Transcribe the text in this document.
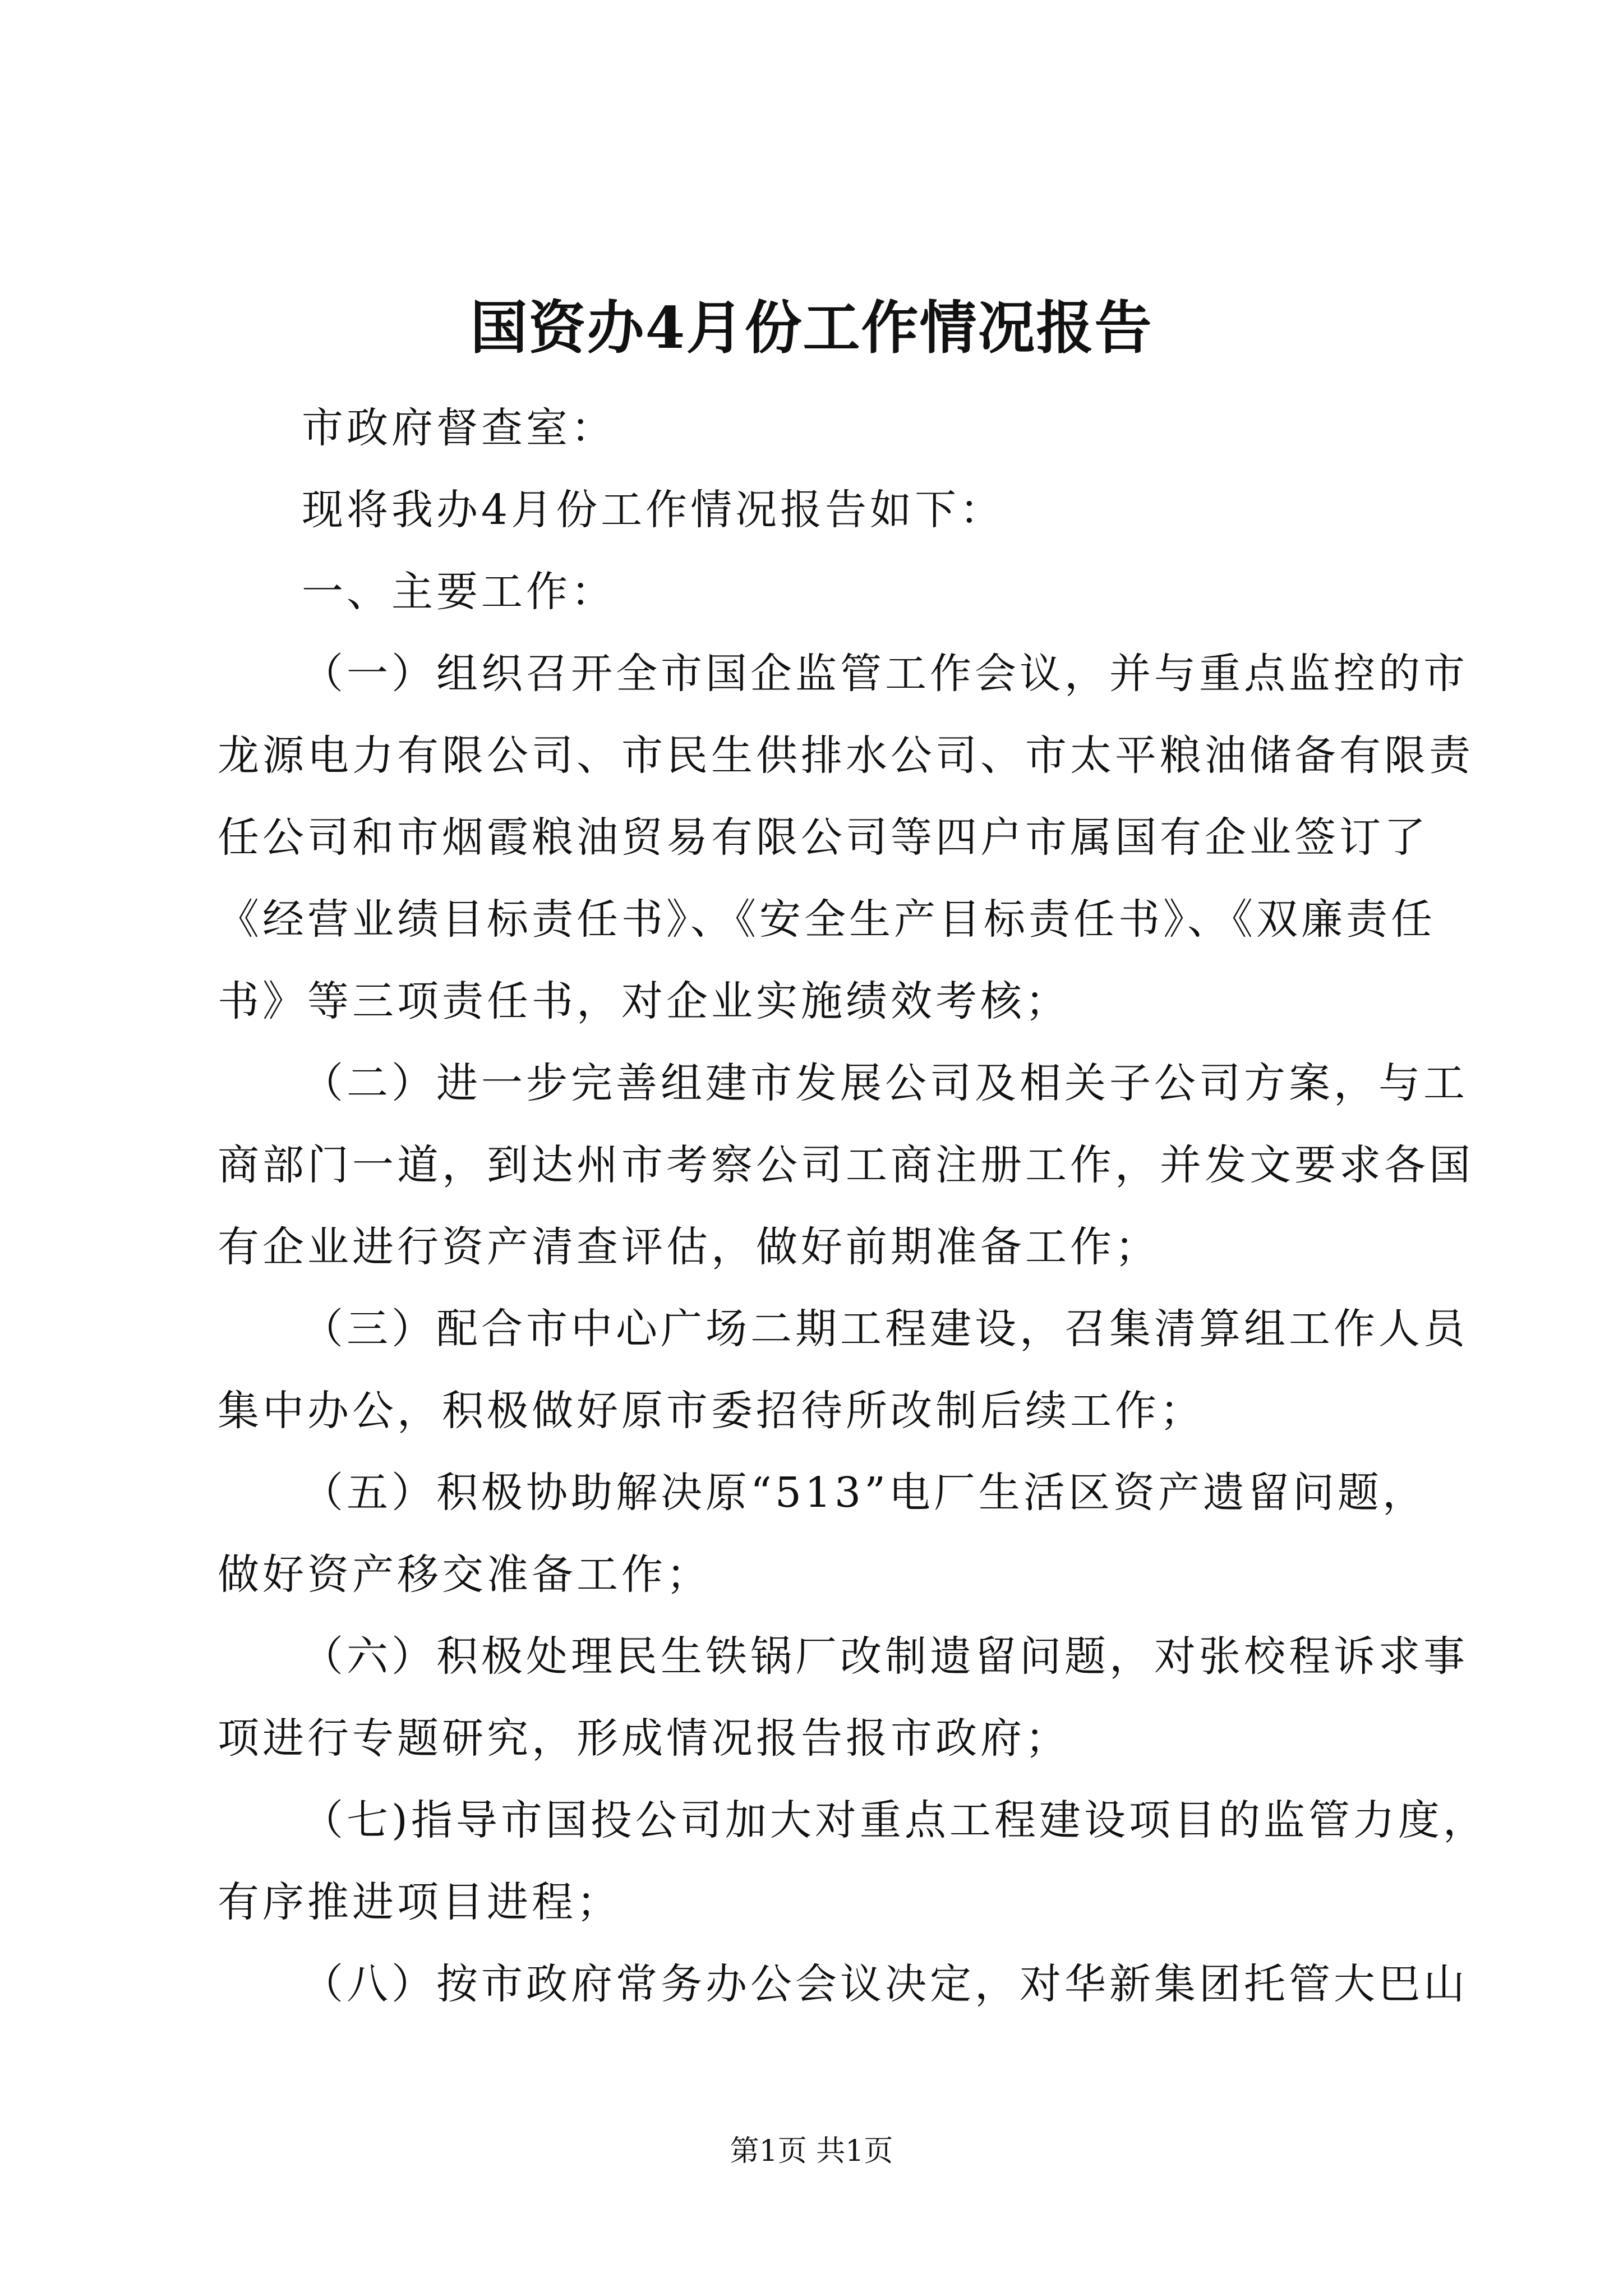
国资办4月份工作情况报告
市政府督查室：
现将我办4月份工作情况报告如下：
一、主要工作：
（一）组织召开全市国企监管工作会议，并与重点监控的市
龙源电力有限公司、市民生供排水公司、市太平粮油储备有限责
任公司和市烟霞粮油贸易有限公司等四户市属国有企业签订了
《经营业绩目标责任书》、《安全生产目标责任书》、《双廉责任
书》等三项责任书，对企业实施绩效考核；
（二）进一步完善组建市发展公司及相关子公司方案，与工
商部门一道，到达州市考察公司工商注册工作，并发文要求各国
有企业进行资产清查评估，做好前期准备工作；
（三）配合市中心广场二期工程建设，召集清算组工作人员
集中办公，积极做好原市委招待所改制后续工作；
（五）积极协助解决原“513”电厂生活区资产遗留问题，
做好资产移交准备工作；
（六）积极处理民生铁锅厂改制遗留问题，对张校程诉求事
项进行专题研究，形成情况报告报市政府；
（七)指导市国投公司加大对重点工程建设项目的监管力度，
有序推进项目进程；
（八）按市政府常务办公会议决定，对华新集团托管大巴山
第1页 共1页
